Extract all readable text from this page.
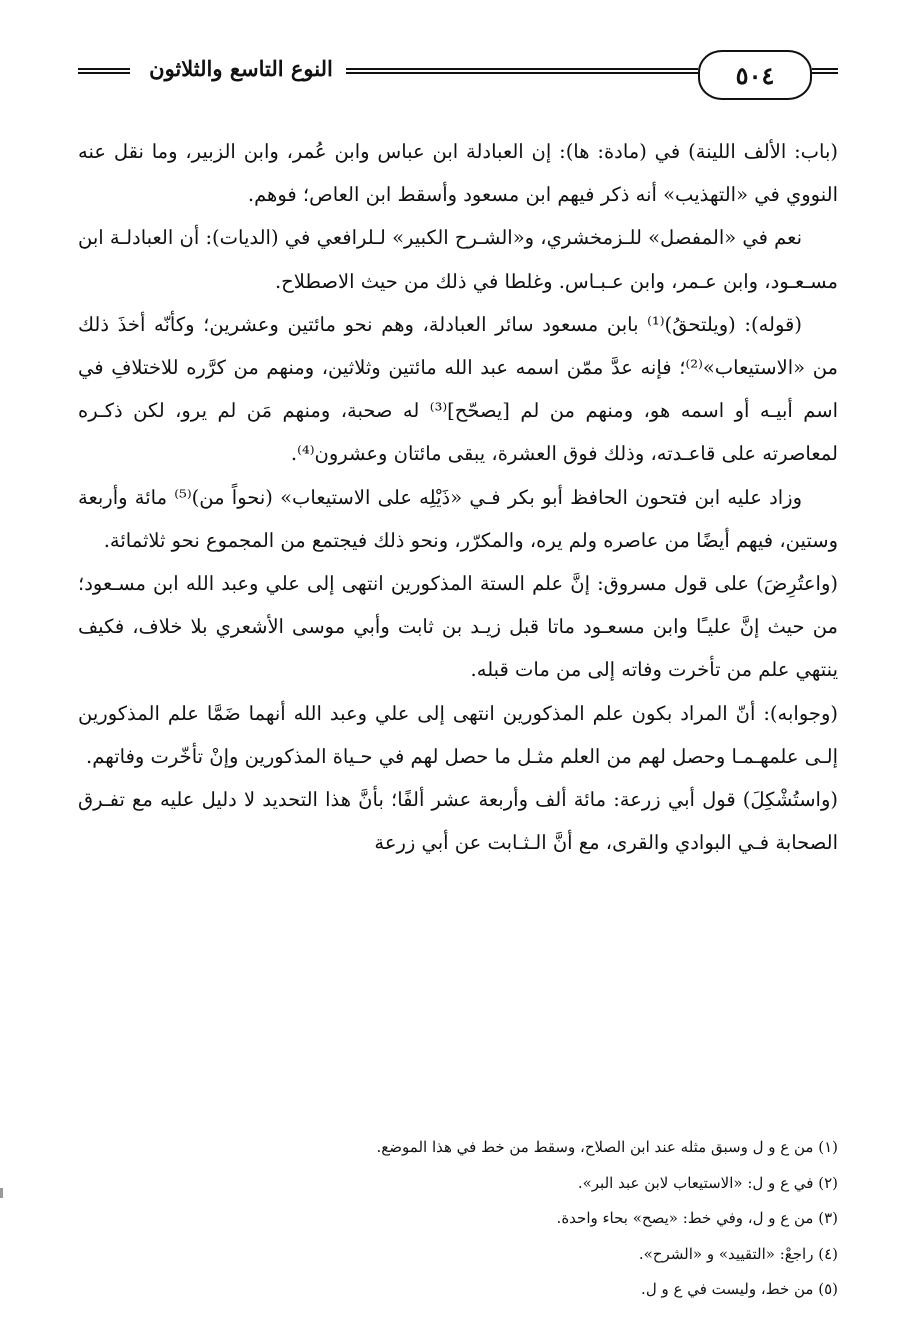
النوع التاسع والثلاثون	٥٠٤

(باب: الألف اللينة) في (مادة: ها): إن العبادلة ابن عباس وابن عُمر، وابن الزبير، وما نقل عنه النووي في «التهذيب» أنه ذكر فيهم ابن مسعود وأسقط ابن العاص؛ فوهم.

نعم في «المفصل» للـزمخشري، و«الشـرح الكبير» لـلرافعي في (الديات): أن العبادلـة ابن مسـعـود، وابن عـمر، وابن عـبـاس. وغلطا في ذلك من حيث الاصطلاح.

(قوله): (ويلتحقُ)⁽¹⁾ بابن مسعود سائر العبادلة، وهم نحو مائتين وعشرين؛ وكأنّه أخذَ ذلك من «الاستيعاب»⁽²⁾؛ فإنه عدَّ ممّن اسمه عبد الله مائتين وثلاثين، ومنهم من كرَّره للاختلافِ في اسم أبيـه أو اسمه هو، ومنهم من لم [يصحّح]⁽³⁾ له صحبة، ومنهم مَن لم يرو، لكن ذكـره لمعاصرته على قاعـدته، وذلك فوق العشرة، يبقى مائتان وعشرون⁽⁴⁾.

وزاد عليه ابن فتحون الحافظ أبو بكر فـي «ذَيْلِه على الاستيعاب» (نحواً من)⁽⁵⁾ مائة وأربعة وستين، فيهم أيضًا من عاصره ولم يره، والمكرّر، ونحو ذلك فيجتمع من المجموع نحو ثلاثمائة.

(واعتُرِضَ) على قول مسروق: إنَّ علم الستة المذكورين انتهى إلى علي وعبد الله ابن مسـعود؛ من حيث إنَّ عليـًا وابن مسعـود ماتا قبل زيـد بن ثابت وأبي موسى الأشعري بلا خلاف، فكيف ينتهي علم من تأخرت وفاته إلى من مات قبله.

(وجوابه): أنّ المراد بكون علم المذكورين انتهى إلى علي وعبد الله أنهما ضَمَّا علم المذكورين إلـى علمهـمـا وحصل لهم من العلم مثـل ما حصل لهم في حـياة المذكورين وإنْ تأخّرت وفاتهم.

(واستُشْكِلَ) قول أبي زرعة: مائة ألف وأربعة عشر ألفًا؛ بأنَّ هذا التحديد لا دليل عليه مع تفـرق الصحابة فـي البوادي والقرى، مع أنَّ الـثـابت عن أبي زرعة

(١) من ع و ل وسبق مثله عند ابن الصلاح، وسقط من خط في هذا الموضع.
(٢) في ع و ل: «الاستيعاب لابن عبد البر».
(٣) من ع و ل، وفي خط: «يصح» بحاء واحدة.
(٤) راجعْ: «التقييد» و «الشرح».
(٥) من خط، وليست في ع و ل.
